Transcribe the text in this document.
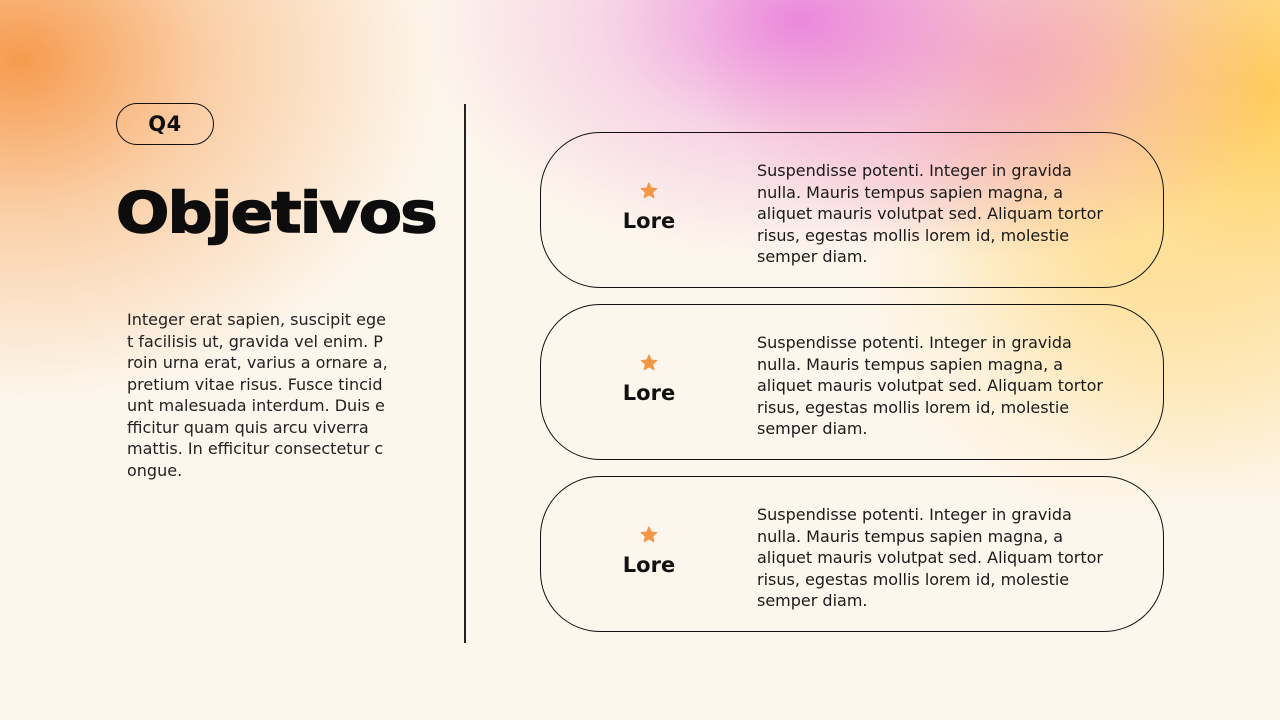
Q4
Objetivos

Integer erat sapien, suscipit eget facilisis ut, gravida vel enim. Proin urna erat, varius a ornare a, pretium vitae risus. Fusce tincidunt malesuada interdum. Duis efficitur quam quis arcu viverra mattis. In efficitur consectetur congue.

Lore

Suspendisse potenti. Integer in gravida nulla. Mauris tempus sapien magna, a aliquet mauris volutpat sed. Aliquam tortor risus, egestas mollis lorem id, molestie semper diam.

Lore

Suspendisse potenti. Integer in gravida nulla. Mauris tempus sapien magna, a aliquet mauris volutpat sed. Aliquam tortor risus, egestas mollis lorem id, molestie semper diam.

Lore

Suspendisse potenti. Integer in gravida nulla. Mauris tempus sapien magna, a aliquet mauris volutpat sed. Aliquam tortor risus, egestas mollis lorem id, molestie semper diam.
